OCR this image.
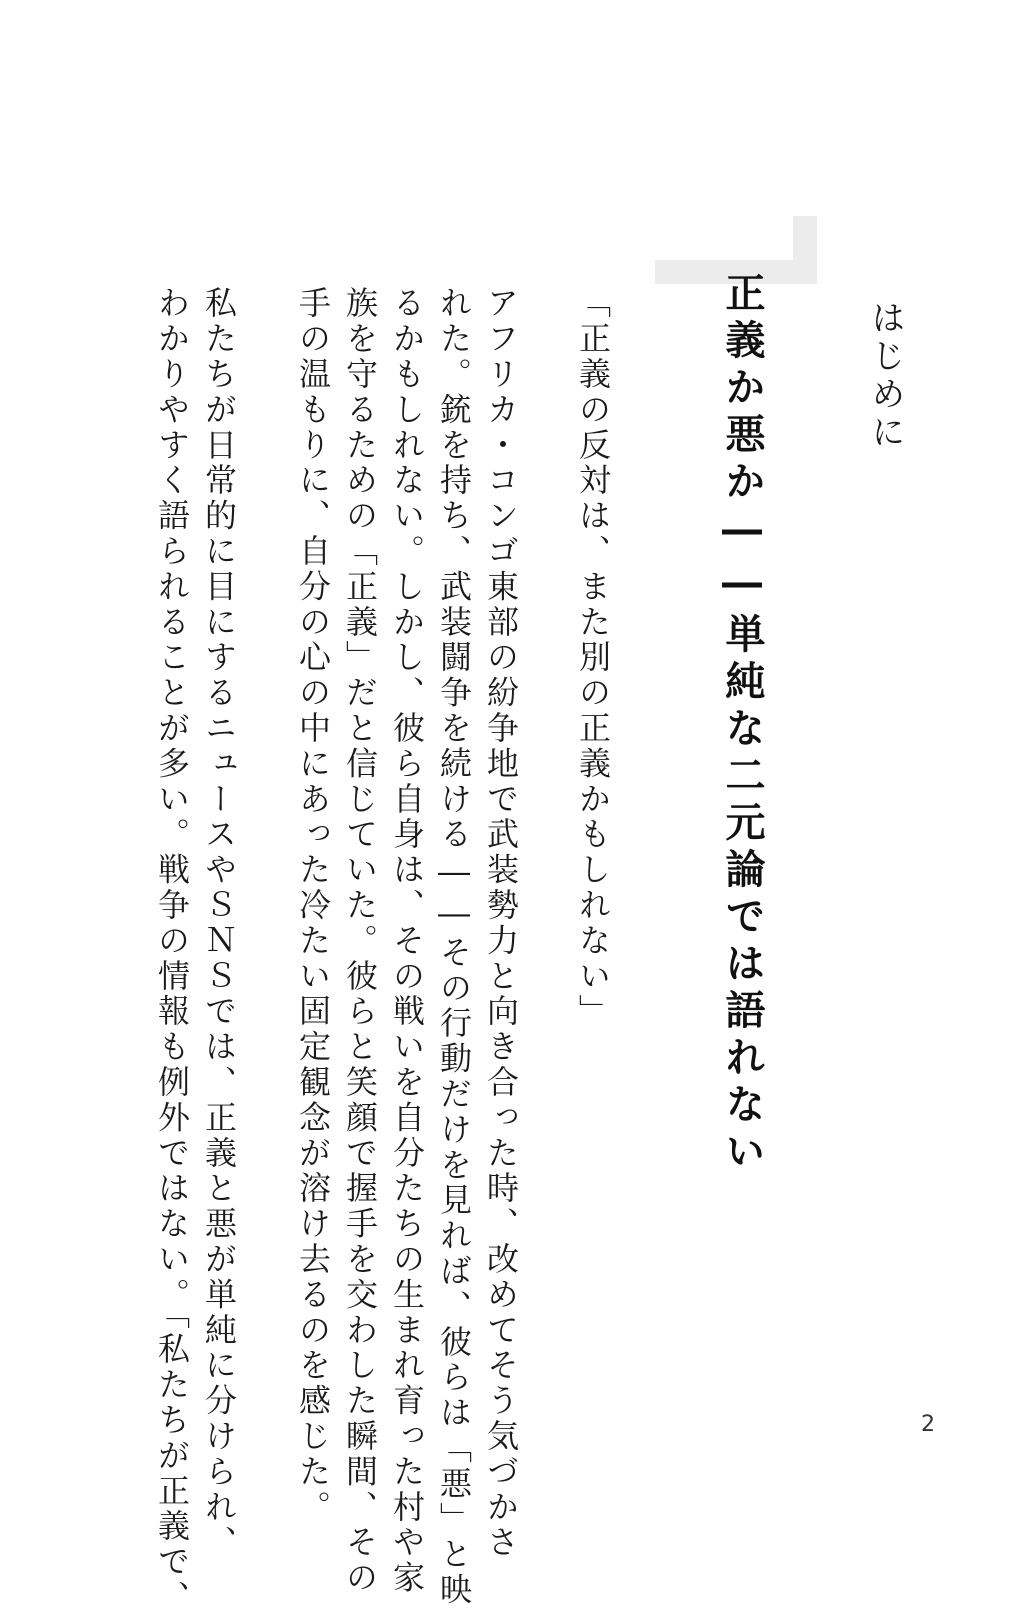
はじめに
正義か悪か――単純な二元論では語れない
「正義の反対は、また別の正義かもしれない」
アフリカ・コンゴ東部の紛争地で武装勢力と向き合った時、改めてそう気づかさ
れた。銃を持ち、武装闘争を続ける――その行動だけを見れば、彼らは「悪」と映
るかもしれない。しかし、彼ら自身は、その戦いを自分たちの生まれ育った村や家
族を守るための「正義」だと信じていた。彼らと笑顔で握手を交わした瞬間、その
手の温もりに、自分の心の中にあった冷たい固定観念が溶け去るのを感じた。
私たちが日常的に目にするニュースやＳＮＳでは、正義と悪が単純に分けられ、
わかりやすく語られることが多い。戦争の情報も例外ではない。「私たちが正義で、	2
